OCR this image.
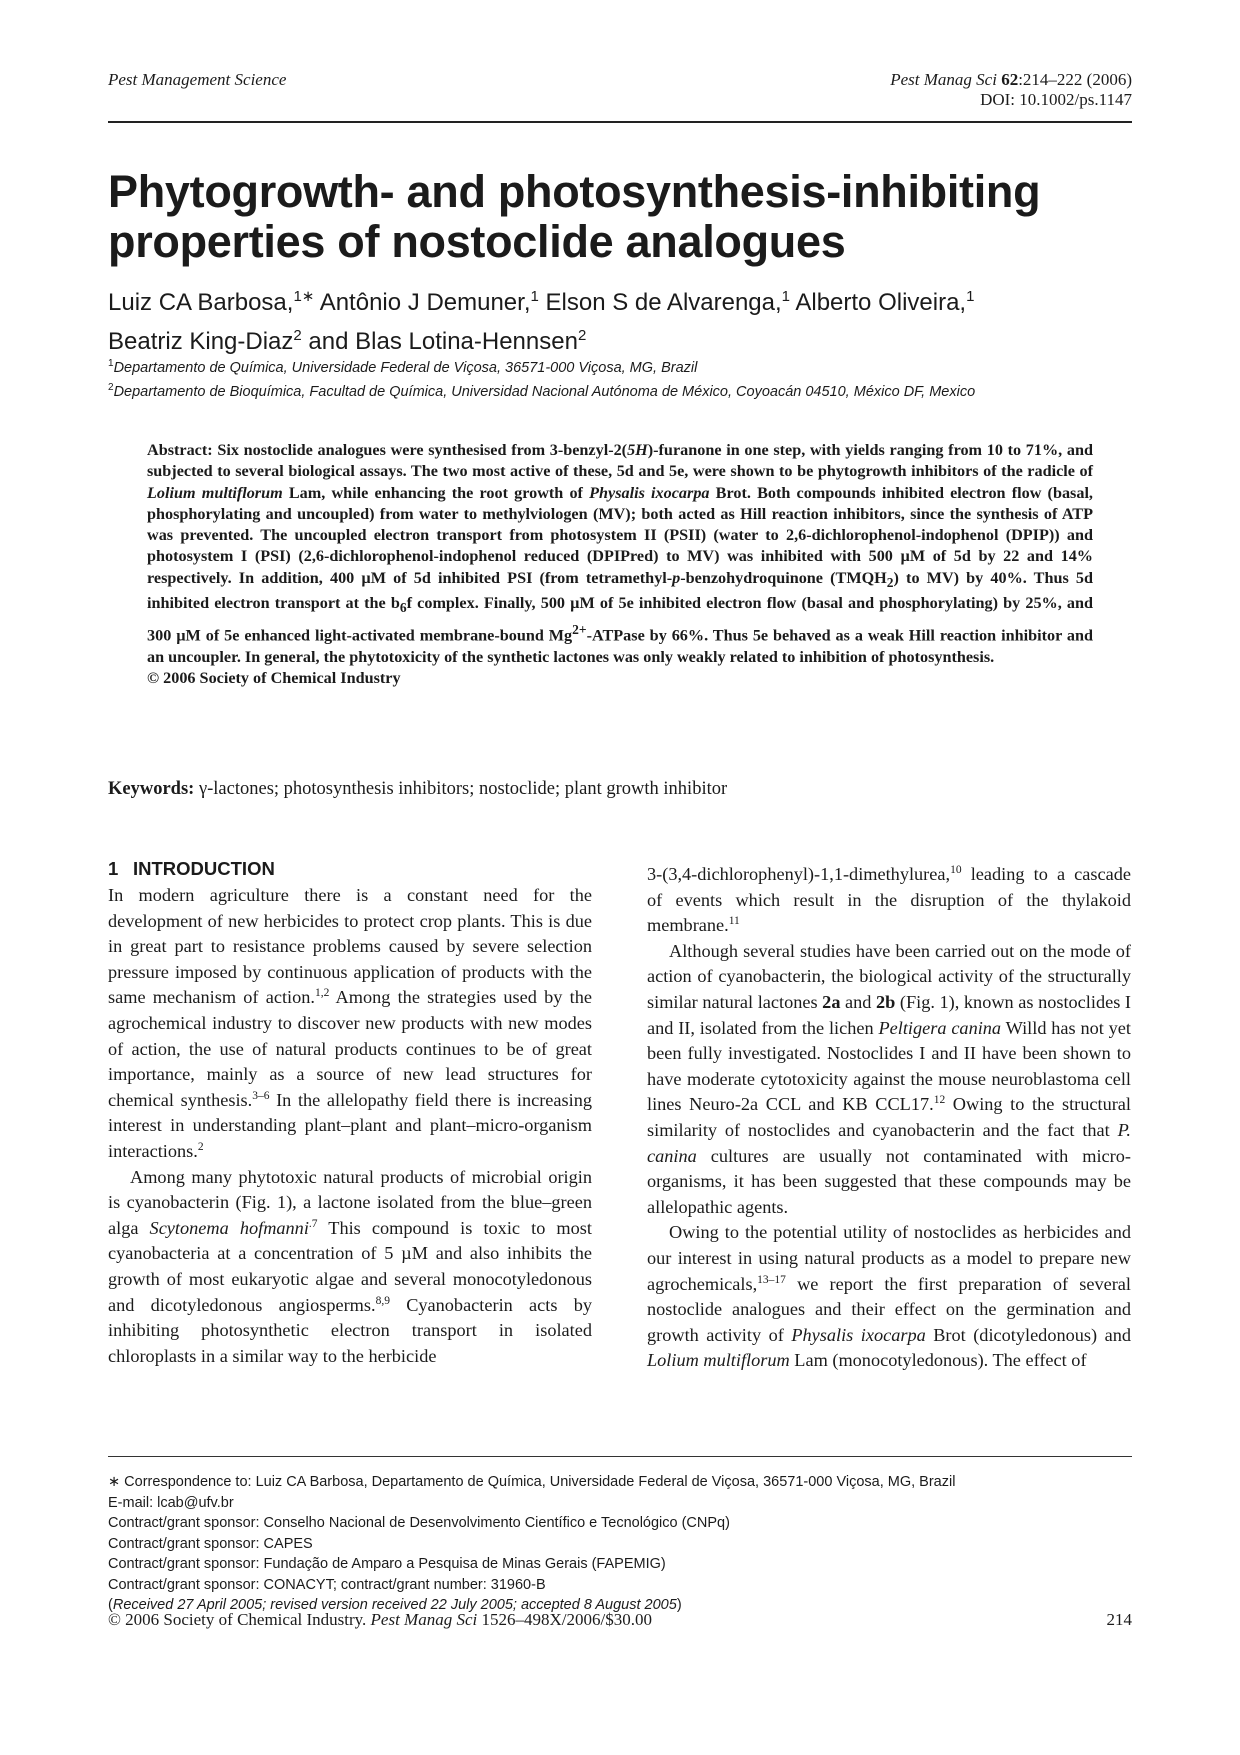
Pest Management Science	Pest Manag Sci 62:214–222 (2006)
DOI: 10.1002/ps.1147
Phytogrowth- and photosynthesis-inhibiting properties of nostoclide analogues
Luiz CA Barbosa,$^{1∗}$ Antônio J Demuner,$^1$ Elson S de Alvarenga,$^1$ Alberto Oliveira,$^1$
Beatriz King-Diaz$^2$ and Blas Lotina-Hennsen$^2$
$^1$Departamento de Química, Universidade Federal de Viçosa, 36571-000 Viçosa, MG, Brazil
$^2$Departamento de Bioquímica, Facultad de Química, Universidad Nacional Autónoma de México, Coyoacán 04510, México DF, Mexico
Abstract: Six nostoclide analogues were synthesised from 3-benzyl-2(5H)-furanone in one step, with yields ranging from 10 to 71%, and subjected to several biological assays. The two most active of these, 5d and 5e, were shown to be phytogrowth inhibitors of the radicle of Lolium multiflorum Lam, while enhancing the root growth of Physalis ixocarpa Brot. Both compounds inhibited electron flow (basal, phosphorylating and uncoupled) from water to methylviologen (MV); both acted as Hill reaction inhibitors, since the synthesis of ATP was prevented. The uncoupled electron transport from photosystem II (PSII) (water to 2,6-dichlorophenol-indophenol (DPIP)) and photosystem I (PSI) (2,6-dichlorophenol-indophenol reduced (DPIPred) to MV) was inhibited with 500 µM of 5d by 22 and 14% respectively. In addition, 400 µM of 5d inhibited PSI (from tetramethyl-p-benzohydroquinone $(TMQH_2)$ to MV) by 40%. Thus 5d inhibited electron transport at the $b_6f$ complex. Finally, 500 µM of 5e inhibited electron flow (basal and phosphorylating) by 25%, and 300 µM of 5e enhanced light-activated membrane-bound $Mg^{2+}$-ATPase by 66%. Thus 5e behaved as a weak Hill reaction inhibitor and an uncoupler. In general, the phytotoxicity of the synthetic lactones was only weakly related to inhibition of photosynthesis.
© 2006 Society of Chemical Industry
Keywords: γ-lactones; photosynthesis inhibitors; nostoclide; plant growth inhibitor
1 INTRODUCTION

In modern agriculture there is a constant need for the development of new herbicides to protect crop plants. This is due in great part to resistance problems caused by severe selection pressure imposed by continuous application of products with the same mechanism of action.$^{1,2}$ Among the strategies used by the agrochemical industry to discover new products with new modes of action, the use of natural products continues to be of great importance, mainly as a source of new lead structures for chemical synthesis.$^{3-6}$ In the allelopathy field there is increasing interest in understanding plant–plant and plant–micro-organism interactions.$^2$

Among many phytotoxic natural products of microbial origin is cyanobacterin (Fig. 1), a lactone isolated from the blue–green alga Scytonema hofmanni$^{.7}$ This compound is toxic to most cyanobacteria at a concentration of 5 µM and also inhibits the growth of most eukaryotic algae and several monocotyledonous and dicotyledonous angiosperms.$^{8,9}$ Cyanobacterin acts by inhibiting photosynthetic electron transport in isolated chloroplasts in a similar way to the herbicide

3-(3,4-dichlorophenyl)-1,1-dimethylurea,$^{10}$ leading to a cascade of events which result in the disruption of the thylakoid membrane.$^{11}$

Although several studies have been carried out on the mode of action of cyanobacterin, the biological activity of the structurally similar natural lactones 2a and 2b (Fig. 1), known as nostoclides I and II, isolated from the lichen Peltigera canina Willd has not yet been fully investigated. Nostoclides I and II have been shown to have moderate cytotoxicity against the mouse neuroblastoma cell lines Neuro-2a CCL and KB CCL17.12 Owing to the structural similarity of nostoclides and cyanobacterin and the fact that P. canina cultures are usually not contaminated with micro-organisms, it has been suggested that these compounds may be allelopathic agents.

Owing to the potential utility of nostoclides as herbicides and our interest in using natural products as a model to prepare new agrochemicals,$^{13-17}$ we report the first preparation of several nostoclide analogues and their effect on the germination and growth activity of Physalis ixocarpa Brot (dicotyledonous) and Lolium multiflorum Lam (monocotyledonous). The effect of

∗ Correspondence to: Luiz CA Barbosa, Departamento de Química, Universidade Federal de Viçosa, 36571-000 Viçosa, MG, Brazil
E-mail: lcab@ufv.br
Contract/grant sponsor: Conselho Nacional de Desenvolvimento Científico e Tecnológico (CNPq)
Contract/grant sponsor: CAPES
Contract/grant sponsor: Fundação de Amparo a Pesquisa de Minas Gerais (FAPEMIG)
Contract/grant sponsor: CONACYT; contract/grant number: 31960-B
(Received 27 April 2005; revised version received 22 July 2005; accepted 8 August 2005)
© 2006 Society of Chemical Industry. Pest Manag Sci 1526–498X/2006/$30.00	214
